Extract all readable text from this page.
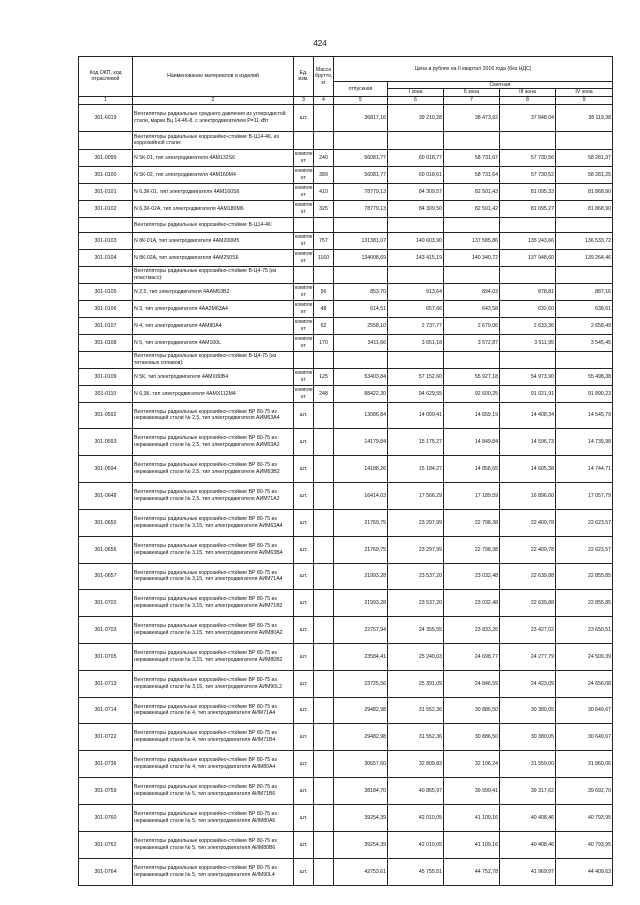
424
Код ОКП, код отраслевой	Наименование материалов и изделий	Ед. изм.	Масса брутто, кг	Цена в рублях на II квартал 2016 года (без НДС)				
				отпускная	Сметная			
					I зона	II зона	III зона	IV зона
1	2	3	4	5	6	7	8	9
301-6019	Вентиляторы радиальные среднего давления из углеродистой стали, марки Вц 14-46-8, с электродвигателем Р=11 кВт	шт.		36817,16	39 210,28	38 473,92	37 848,04	38 119,38
	Вентиляторы радиальные коррозийно-стойкие В-Ц14-46, из коррозийной стали:							
301-0099	N 5К-01, тип электродвигателя 4АМ132S6	компле кт	240	56081,77	60 018,77	58 731,67	57 730,56	58 281,37
301-0100	N 5К-02, тип электродвигателя 4АМ160М4	компле кт	389	56081,77	60 018,61	58 731,64	57 730,52	58 281,25
301-0101	N 6,3К-01, тип электродвигателя 4АМ160S6	компле кт	410	78779,13	84 309,57	82 501,43	81 095,33	81 868,90
301-0102	N 6,3К-02А, тип электродвигателя 4АМ180М6	компле кт	325	78779,13	84 309,50	82 501,42	81 095,27	81 868,90
	Вентиляторы радиальные коррозийно-стойкие В-Ц14-46:							
301-0103	N 8К-01А, тип электродвигателя 4АМ200М5	компле кт	757	131381,07	140 603,90	137 585,86	135 243,66	136 533,72
301-0104	N 8К-02А, тип электродвигателя 4АМ250S6	компле кт	1160	134008,69	143 415,19	140 340,72	137 948,60	139 264,46
	Вентиляторы радиальные коррозийно-стойкие В-Ц4-75 (из пластмасс):							
301-0105	N 2,5, тип электродвигателя 4ААМ63В2	компле кт	56	853,70	913,64	894,03	878,81	887,16
301-0106	N 3, тип электродвигателя 4АА2М63А4	компле кт	48	614,51	657,66	643,58	632,60	638,61
301-0107	N 4, тип электродвигателя 4АМ80А4	компле кт	62	2558,10	2 737,77	2 679,06	2 633,36	2 658,49
301-0108	N 5, тип электродвигателя 4АМ100L	компле кт	170	3411,66	3 651,18	3 572,87	3 511,95	3 545,45
	Вентиляторы радиальные коррозийно-стойкие В-Ц4-75 (из титановых сплавов):							
301-0109	N 5К, тип электродвигателя 4АМХ80В4	компле кт	125	53403,84	57 152,60	55 927,18	54 973,90	55 498,38
301-0110	N 6,3К, тип электродвигателя 4АМХ112М4	компле кт	248	88422,30	94 629,55	92 600,25	91 021,91	91 890,23
301-0592	Вентиляторы радиальные коррозийно-стойкие ВР 80-75 из нержавеющей стали № 2,5, тип электродвигателя АИМ63А4	шт.		13086,84	14 009,41	14 659,19	14 408,34	14 545,79
301-0593	Вентиляторы радиальные коррозийно-стойкие ВР 80-75 из нержавеющей стали № 2,5, тип электродвигателя АИМ63А2	шт.		14179,84	15 175,27	14 849,84	14 596,73	14 735,98
301-0594	Вентиляторы радиальные коррозийно-стойкие ВР 80-75 из нержавеющей стали № 2,5, тип электродвигателя АИМ63В2	шт.		14188,26	15 184,27	14 858,65	14 605,38	14 744,71
301-0648	Вентиляторы радиальные коррозийно-стойкие ВР 80-75 из нержавеющей стали № 2,5, тип электродвигателя АИМ71А2	шт.		16414,03	17 566,29	17 189,59	16 896,60	17 057,79
301-0650	Вентиляторы радиальные коррозийно-стойкие ВР 80-75 из нержавеющей стали № 3,15, тип электродвигателя АИМ63А4	шт.		21769,75	23 297,99	22 798,38	22 409,78	22 623,57
301-0656	Вентиляторы радиальные коррозийно-стойкие ВР 80-75 из нержавеющей стали № 3,15, тип электродвигателя АИМ63В4	шт.		21769,75	23 297,99	22 798,38	22 409,78	22 623,57
301-0657	Вентиляторы радиальные коррозийно-стойкие ВР 80-75 из нержавеющей стали № 3,15, тип электродвигателя АИМ71А4	шт.		21993,28	23 537,20	23 032,48	22 639,88	22 855,85
301-0702	Вентиляторы радиальные коррозийно-стойкие ВР 80-75 из нержавеющей стали № 3,15, тип электродвигателя АИМ71В2	шт.		21993,28	23 537,20	23 032,48	22 639,88	22 855,85
301-0703	Вентиляторы радиальные коррозийно-стойкие ВР 80-75 из нержавеющей стали № 3,15, тип электродвигателя АИМ80А2	шт.		22757,94	24 355,55	23 833,26	23 427,02	23 650,51
301-0705	Вентиляторы радиальные коррозийно-стойкие ВР 80-75 из нержавеющей стали № 3,15, тип электродвигателя АИМ80В2	шт.		23584,41	25 240,03	24 698,77	24 277,79	24 509,39
301-0713	Вентиляторы радиальные коррозийно-стойкие ВР 80-75 из нержавеющей стали № 3,15, тип электродвигателя АИМ90L2	шт.		23725,56	25 391,09	24 846,59	24 423,09	24 656,08
301-0714	Вентиляторы радиальные коррозийно-стойкие ВР 80-75 из нержавеющей стали № 4, тип электродвигателя АИМ71А4	шт.		29482,98	31 552,36	30 886,50	30 380,05	30 649,67
301-0722	Вентиляторы радиальные коррозийно-стойкие ВР 80-75 из нержавеющей стали № 4, тип электродвигателя АИМ71В4	шт.		29482,98	31 552,36	30 886,50	30 380,05	30 649,67
301-0736	Вентиляторы радиальные коррозийно-стойкие ВР 80-75 из нержавеющей стали № 4, тип электродвигателя АИМ80А4	шт.		30657,60	32 809,83	32 106,24	31 559,00	31 860,06
301-0759	Вентиляторы радиальные коррозийно-стойкие ВР 80-75 из нержавеющей стали № 5, тип электродвигателя АИМ71В6	шт.		38184,70	40 865,97	39 999,41	39 317,62	39 692,70
301-0760	Вентиляторы радиальные коррозийно-стойкие ВР 80-75 из нержавеющей стали № 5, тип электродвигателя АИМ80А6	шт.		39254,39	42 010,05	41 109,16	40 408,46	40 793,95
301-0762	Вентиляторы радиальные коррозийно-стойкие ВР 80-75 из нержавеющей стали № 5, тип электродвигателя АИМ80В6	шт.		39254,39	42 010,05	41 109,16	40 408,46	40 793,95
301-0764	Вентиляторы радиальные коррозийно-стойкие ВР 80-75 из нержавеющей стали № 5, тип электродвигателя АИМ90L4	шт.		42753,61	45 755,51	44 752,78	41 969,97	44 409,63
